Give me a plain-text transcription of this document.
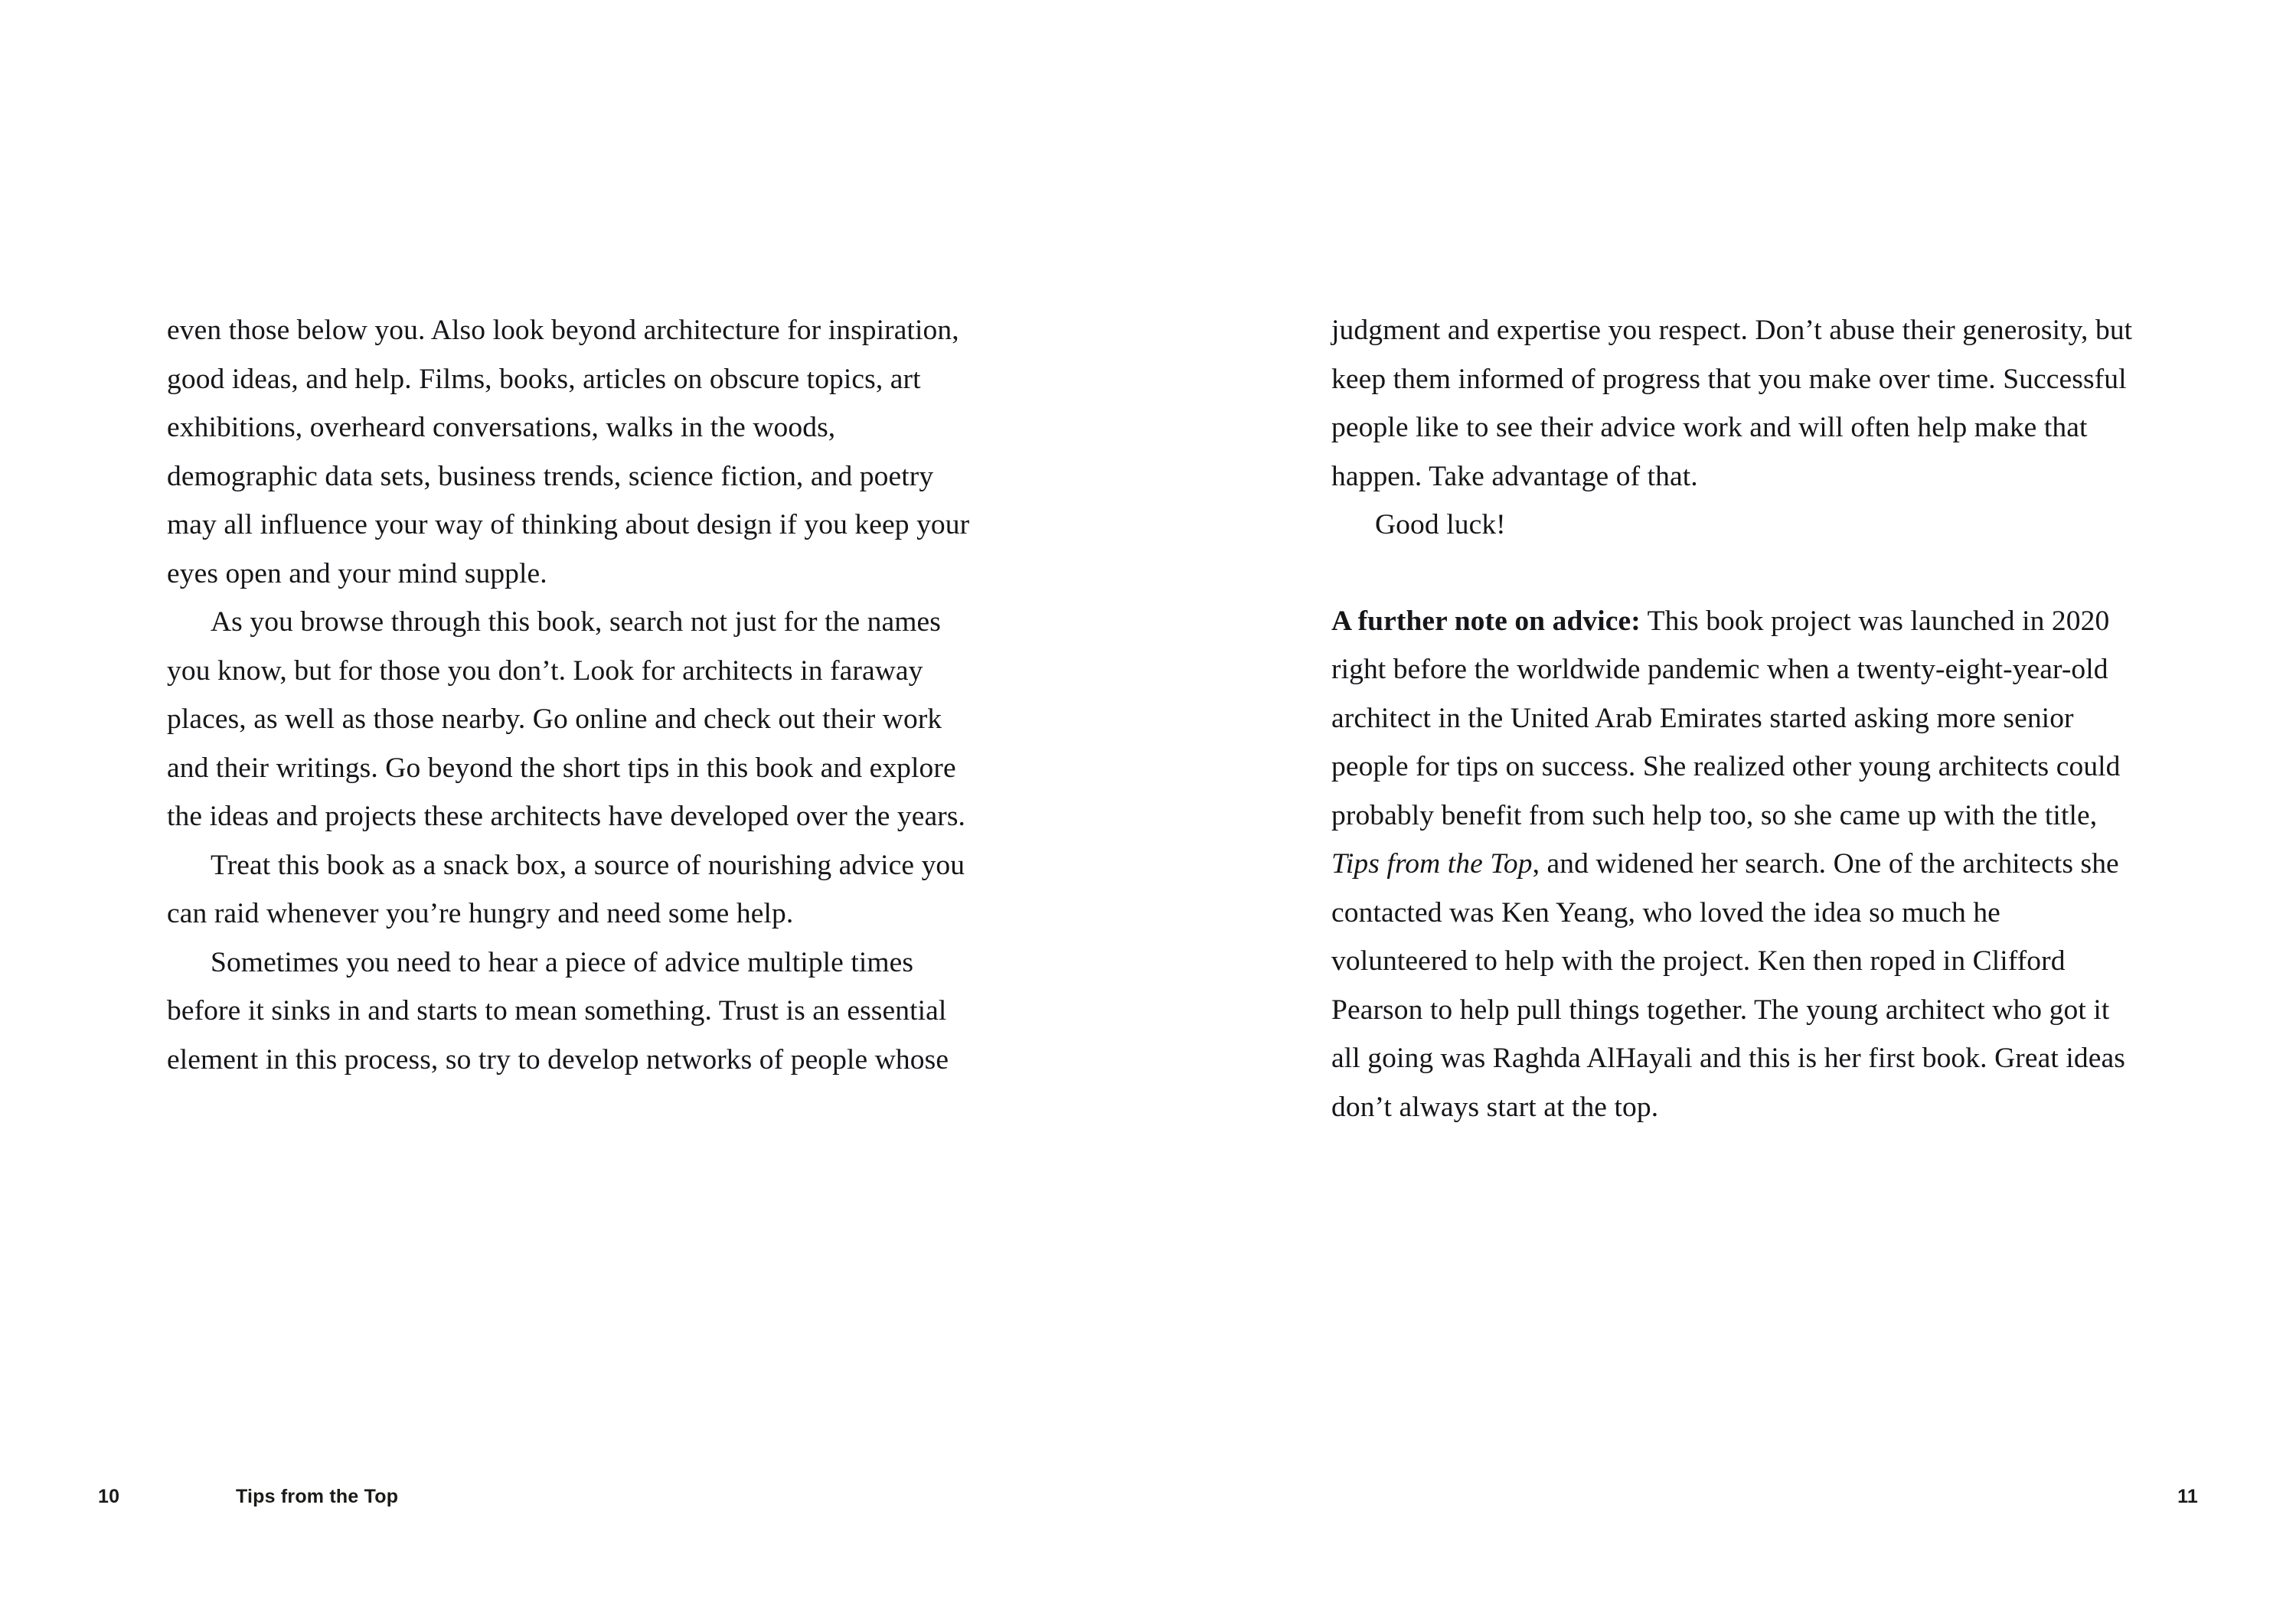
even those below you. Also look beyond architecture for inspiration, good ideas, and help. Films, books, articles on obscure topics, art exhibitions, overheard conversations, walks in the woods, demographic data sets, business trends, science fiction, and poetry may all influence your way of thinking about design if you keep your eyes open and your mind supple.

As you browse through this book, search not just for the names you know, but for those you don’t. Look for architects in faraway places, as well as those nearby. Go online and check out their work and their writings. Go beyond the short tips in this book and explore the ideas and projects these architects have developed over the years.

Treat this book as a snack box, a source of nourishing advice you can raid whenever you’re hungry and need some help.

Sometimes you need to hear a piece of advice multiple times before it sinks in and starts to mean something. Trust is an essential element in this process, so try to develop networks of people whose

10	Tips from the Top

judgment and expertise you respect. Don’t abuse their generosity, but keep them informed of progress that you make over time. Successful people like to see their advice work and will often help make that happen. Take advantage of that.

Good luck!

A further note on advice: This book project was launched in 2020 right before the worldwide pandemic when a twenty-eight-year-old architect in the United Arab Emirates started asking more senior people for tips on success. She realized other young architects could probably benefit from such help too, so she came up with the title, Tips from the Top, and widened her search. One of the architects she contacted was Ken Yeang, who loved the idea so much he volunteered to help with the project. Ken then roped in Clifford Pearson to help pull things together. The young architect who got it all going was Raghda AlHayali and this is her first book. Great ideas don’t always start at the top.

11
